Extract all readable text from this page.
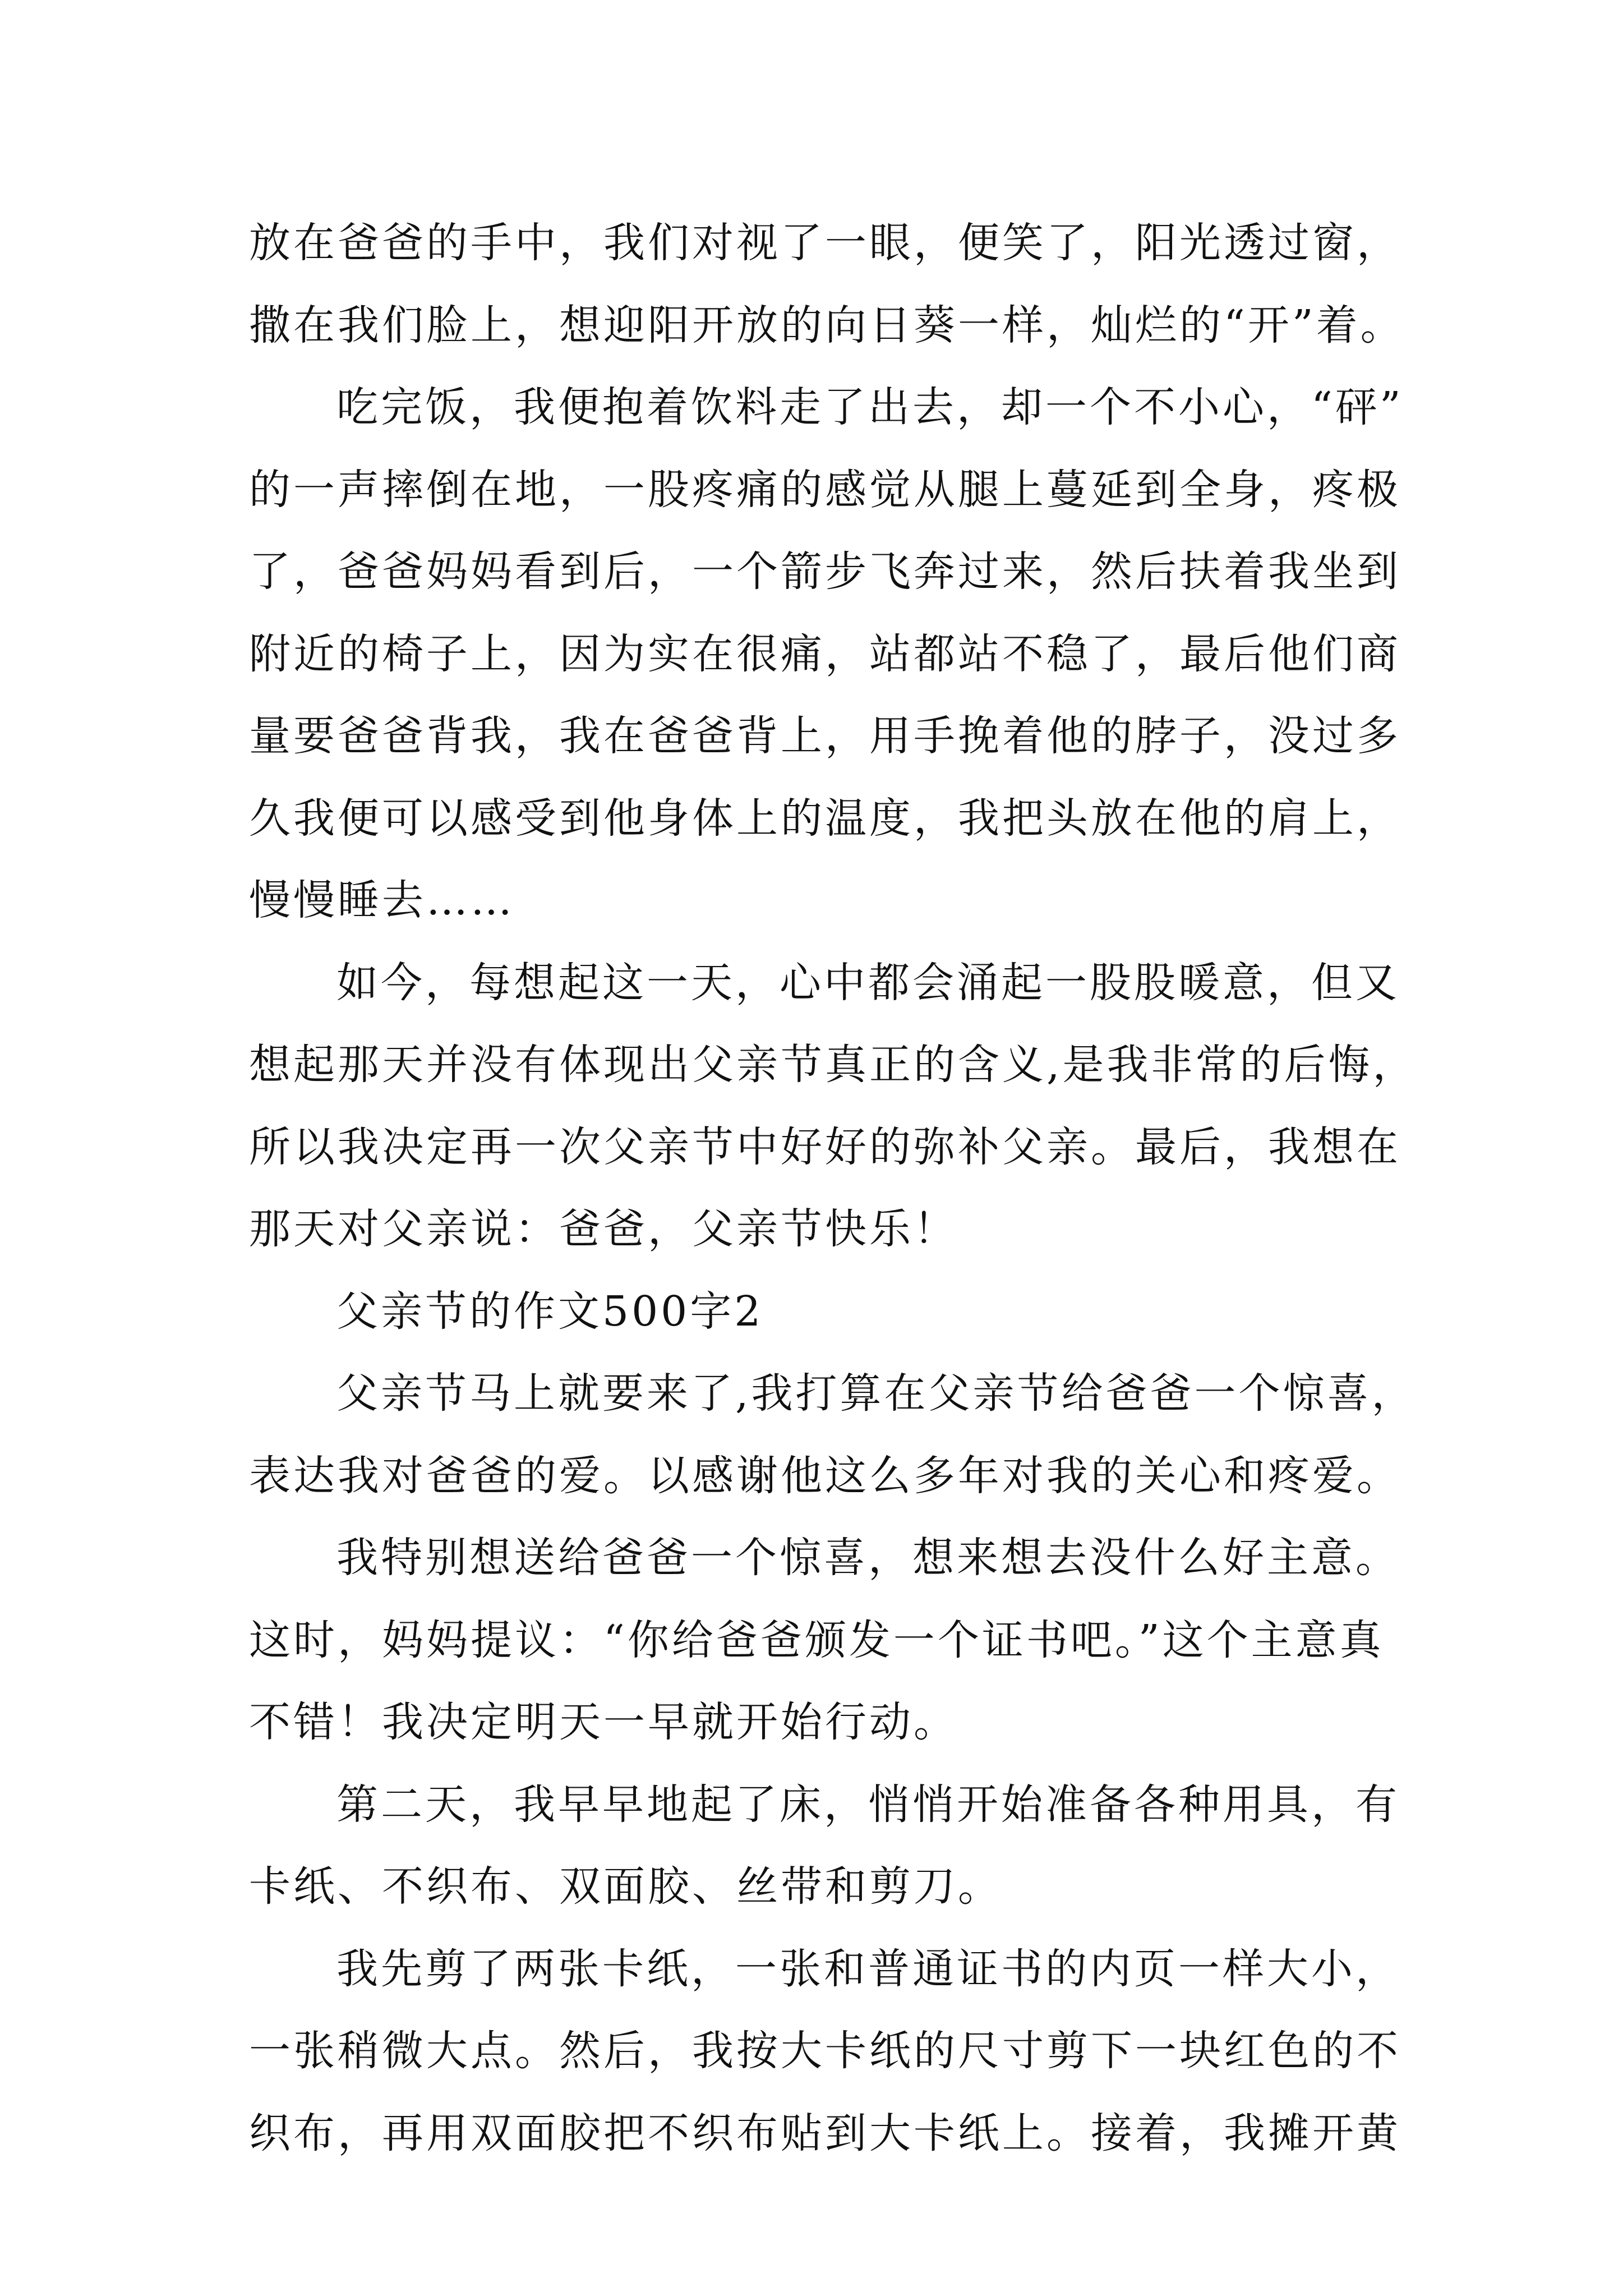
放在爸爸的手中，我们对视了一眼，便笑了，阳光透过窗，
撒在我们脸上，想迎阳开放的向日葵一样，灿烂的“开”着。
吃完饭，我便抱着饮料走了出去，却一个不小心，“砰”
的一声摔倒在地，一股疼痛的感觉从腿上蔓延到全身，疼极
了，爸爸妈妈看到后，一个箭步飞奔过来，然后扶着我坐到
附近的椅子上，因为实在很痛，站都站不稳了，最后他们商
量要爸爸背我，我在爸爸背上，用手挽着他的脖子，没过多
久我便可以感受到他身体上的温度，我把头放在他的肩上，
慢慢睡去……
如今，每想起这一天，心中都会涌起一股股暖意，但又
想起那天并没有体现出父亲节真正的含义,是我非常的后悔，
所以我决定再一次父亲节中好好的弥补父亲。最后，我想在
那天对父亲说：爸爸，父亲节快乐！
父亲节的作文500字2
父亲节马上就要来了,我打算在父亲节给爸爸一个惊喜，
表达我对爸爸的爱。以感谢他这么多年对我的关心和疼爱。
我特别想送给爸爸一个惊喜，想来想去没什么好主意。
这时，妈妈提议：“你给爸爸颁发一个证书吧。”这个主意真
不错！我决定明天一早就开始行动。
第二天，我早早地起了床，悄悄开始准备各种用具，有
卡纸、不织布、双面胶、丝带和剪刀。
我先剪了两张卡纸，一张和普通证书的内页一样大小，
一张稍微大点。然后，我按大卡纸的尺寸剪下一块红色的不
织布，再用双面胶把不织布贴到大卡纸上。接着，我摊开黄
